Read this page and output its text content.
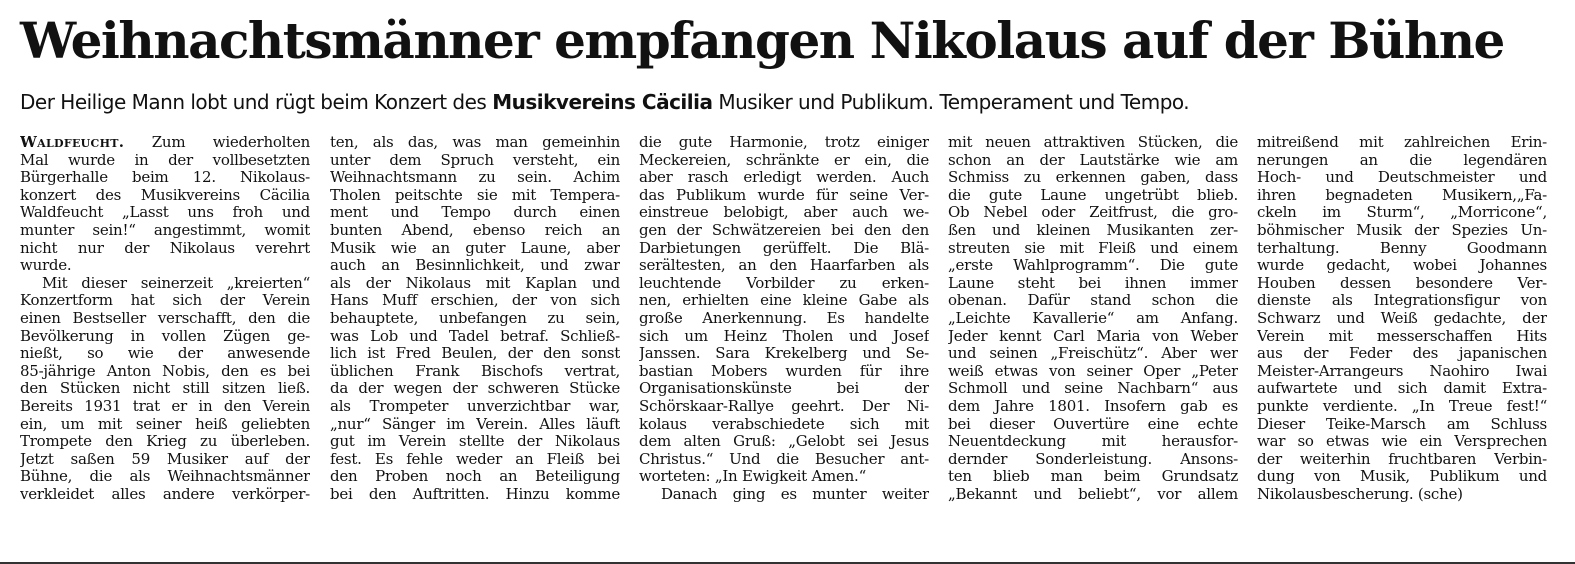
Weihnachtsmänner empfangen Nikolaus auf der Bühne
Der Heilige Mann lobt und rügt beim Konzert des Musikvereins Cäcilia Musiker und Publikum. Temperament und Tempo.
Waldfeucht. Zum wiederholten
Mal wurde in der vollbesetzten
Bürgerhalle beim 12. Nikolaus-
konzert des Musikvereins Cäcilia
Waldfeucht „Lasst uns froh und
munter sein!“ angestimmt, womit
nicht nur der Nikolaus verehrt
wurde.
Mit dieser seinerzeit „kreierten“
Konzertform hat sich der Verein
einen Bestseller verschafft, den die
Bevölkerung in vollen Zügen ge-
nießt, so wie der anwesende
85-jährige Anton Nobis, den es bei
den Stücken nicht still sitzen ließ.
Bereits 1931 trat er in den Verein
ein, um mit seiner heiß geliebten
Trompete den Krieg zu überleben.
Jetzt saßen 59 Musiker auf der
Bühne, die als Weihnachtsmänner
verkleidet alles andere verkörper-
ten, als das, was man gemeinhin
unter dem Spruch versteht, ein
Weihnachtsmann zu sein. Achim
Tholen peitschte sie mit Tempera-
ment und Tempo durch einen
bunten Abend, ebenso reich an
Musik wie an guter Laune, aber
auch an Besinnlichkeit, und zwar
als der Nikolaus mit Kaplan und
Hans Muff erschien, der von sich
behauptete, unbefangen zu sein,
was Lob und Tadel betraf. Schließ-
lich ist Fred Beulen, der den sonst
üblichen Frank Bischofs vertrat,
da der wegen der schweren Stücke
als Trompeter unverzichtbar war,
„nur“ Sänger im Verein. Alles läuft
gut im Verein stellte der Nikolaus
fest. Es fehle weder an Fleiß bei
den Proben noch an Beteiligung
bei den Auftritten. Hinzu komme
die gute Harmonie, trotz einiger
Meckereien, schränkte er ein, die
aber rasch erledigt werden. Auch
das Publikum wurde für seine Ver-
einstreue belobigt, aber auch we-
gen der Schwätzereien bei den den
Darbietungen gerüffelt. Die Blä-
serältesten, an den Haarfarben als
leuchtende Vorbilder zu erken-
nen, erhielten eine kleine Gabe als
große Anerkennung. Es handelte
sich um Heinz Tholen und Josef
Janssen. Sara Krekelberg und Se-
bastian Mobers wurden für ihre
Organisationskünste bei der
Schörskaar-Rallye geehrt. Der Ni-
kolaus verabschiedete sich mit
dem alten Gruß: „Gelobt sei Jesus
Christus.“ Und die Besucher ant-
worteten: „In Ewigkeit Amen.“
Danach ging es munter weiter
mit neuen attraktiven Stücken, die
schon an der Lautstärke wie am
Schmiss zu erkennen gaben, dass
die gute Laune ungetrübt blieb.
Ob Nebel oder Zeitfrust, die gro-
ßen und kleinen Musikanten zer-
streuten sie mit Fleiß und einem
„erste Wahlprogramm“. Die gute
Laune steht bei ihnen immer
obenan. Dafür stand schon die
„Leichte Kavallerie“ am Anfang.
Jeder kennt Carl Maria von Weber
und seinen „Freischütz“. Aber wer
weiß etwas von seiner Oper „Peter
Schmoll und seine Nachbarn“ aus
dem Jahre 1801. Insofern gab es
bei dieser Ouvertüre eine echte
Neuentdeckung mit herausfor-
dernder Sonderleistung. Ansons-
ten blieb man beim Grundsatz
„Bekannt und beliebt“, vor allem
mitreißend mit zahlreichen Erin-
nerungen an die legendären
Hoch- und Deutschmeister und
ihren begnadeten Musikern,„Fa-
ckeln im Sturm“, „Morricone“,
böhmischer Musik der Spezies Un-
terhaltung. Benny Goodmann
wurde gedacht, wobei Johannes
Houben dessen besondere Ver-
dienste als Integrationsfigur von
Schwarz und Weiß gedachte, der
Verein mit messerschaffen Hits
aus der Feder des japanischen
Meister-Arrangeurs Naohiro Iwai
aufwartete und sich damit Extra-
punkte verdiente. „In Treue fest!“
Dieser Teike-Marsch am Schluss
war so etwas wie ein Versprechen
der weiterhin fruchtbaren Verbin-
dung von Musik, Publikum und
Nikolausbescherung. (sche)
